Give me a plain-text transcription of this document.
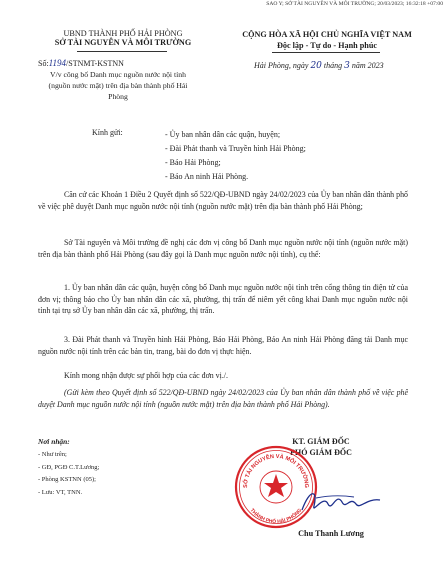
SAO Y; SỞ TÀI NGUYÊN VÀ MÔI TRƯỜNG; 20/03/2023; 16:32:18 +07:00
UBND THÀNH PHỐ HẢI PHÒNG
SỞ TÀI NGUYÊN VÀ MÔI TRƯỜNG
Số:1194/STNMT-KSTNN
V/v công bố Danh mục nguồn nước nội tỉnh (nguồn nước mặt) trên địa bàn thành phố Hải Phòng
CỘNG HÒA XÃ HỘI CHỦ NGHĨA VIỆT NAM
Độc lập - Tự do - Hạnh phúc
Hải Phòng, ngày 20 tháng 3 năm 2023
Kính gửi:	- Ủy ban nhân dân các quận, huyện;
- Đài Phát thanh và Truyền hình Hải Phòng;
- Báo Hải Phòng;
- Báo An ninh Hải Phòng.
Căn cứ các Khoản 1 Điều 2 Quyết định số 522/QĐ-UBND ngày 24/02/2023 của Ủy ban nhân dân thành phố về việc phê duyệt Danh mục nguồn nước nội tỉnh (nguồn nước mặt) trên địa bàn thành phố Hải Phòng;
Sở Tài nguyên và Môi trường đề nghị các đơn vị công bố Danh mục nguồn nước nội tỉnh (nguồn nước mặt) trên địa bàn thành phố Hải Phòng (sau đây gọi là Danh mục nguồn nước nội tỉnh), cụ thể:
1. Ủy ban nhân dân các quận, huyện công bố Danh mục nguồn nước nội tỉnh trên cổng thông tin điện tử của đơn vị; thông báo cho Ủy ban nhân dân các xã, phường, thị trấn để niêm yết công khai Danh mục nguồn nước nội tỉnh tại trụ sở Ủy ban nhân dân các xã, phường, thị trấn.
3. Đài Phát thanh và Truyền hình Hải Phòng, Báo Hải Phòng, Báo An ninh Hải Phòng đăng tải Danh mục nguồn nước nội tỉnh trên các bản tin, trang, bài do đơn vị thực hiện.
Kính mong nhận được sự phối hợp của các đơn vị./.
(Gửi kèm theo Quyết định số 522/QĐ-UBND ngày 24/02/2023 của Ủy ban nhân dân thành phố về việc phê duyệt Danh mục nguồn nước nội tỉnh (nguồn nước mặt) trên địa bàn thành phố Hải Phòng).
Nơi nhận:
- Như trên;
- GĐ, PGĐ C.T.Lương;
- Phòng KSTNN (05);
- Lưu: VT, TNN.
KT. GIÁM ĐỐC
PHÓ GIÁM ĐỐC
SỞ TÀI NGUYÊN VÀ MÔI TRƯỜNG
THÀNH PHỐ HẢI PHÒNG
Chu Thanh Lương
